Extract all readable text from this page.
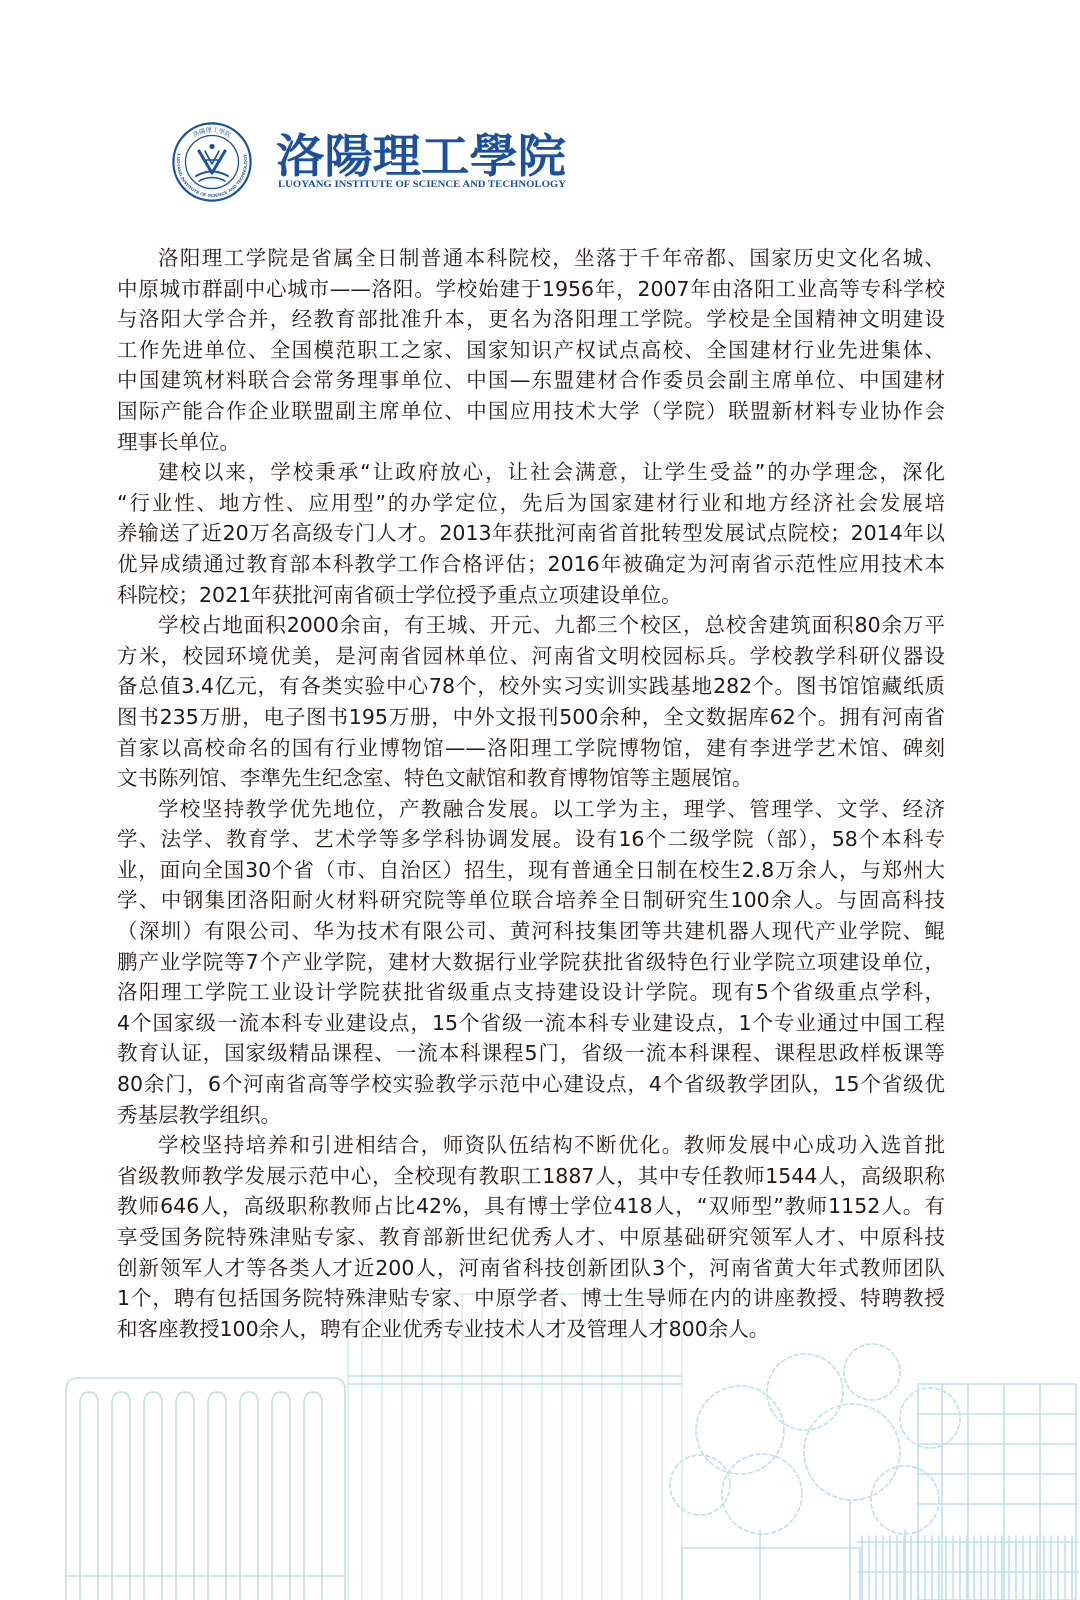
洛陽理工學院
LUOYANG INSTITUTE OF SCIENCE AND TECHNOLOGY 洛陽理工學院
LUOYANG INSTITUTE OF SCIENCE AND TECHNOLOGY
洛阳理工学院是省属全日制普通本科院校，坐落于千年帝都、国家历史文化名城、
中原城市群副中心城市——洛阳。学校始建于1956年，2007年由洛阳工业高等专科学校
与洛阳大学合并，经教育部批准升本，更名为洛阳理工学院。学校是全国精神文明建设
工作先进单位、全国模范职工之家、国家知识产权试点高校、全国建材行业先进集体、
中国建筑材料联合会常务理事单位、中国—东盟建材合作委员会副主席单位、中国建材
国际产能合作企业联盟副主席单位、中国应用技术大学（学院）联盟新材料专业协作会
理事长单位。
建校以来，学校秉承“让政府放心，让社会满意，让学生受益”的办学理念，深化
“行业性、地方性、应用型”的办学定位，先后为国家建材行业和地方经济社会发展培
养输送了近20万名高级专门人才。2013年获批河南省首批转型发展试点院校；2014年以
优异成绩通过教育部本科教学工作合格评估；2016年被确定为河南省示范性应用技术本
科院校；2021年获批河南省硕士学位授予重点立项建设单位。
学校占地面积2000余亩，有王城、开元、九都三个校区，总校舍建筑面积80余万平
方米，校园环境优美，是河南省园林单位、河南省文明校园标兵。学校教学科研仪器设
备总值3.4亿元，有各类实验中心78个，校外实习实训实践基地282个。图书馆馆藏纸质
图书235万册，电子图书195万册，中外文报刊500余种，全文数据库62个。拥有河南省
首家以高校命名的国有行业博物馆——洛阳理工学院博物馆，建有李进学艺术馆、碑刻
文书陈列馆、李準先生纪念室、特色文献馆和教育博物馆等主题展馆。
学校坚持教学优先地位，产教融合发展。以工学为主，理学、管理学、文学、经济
学、法学、教育学、艺术学等多学科协调发展。设有16个二级学院（部），58个本科专
业，面向全国30个省（市、自治区）招生，现有普通全日制在校生2.8万余人，与郑州大
学、中钢集团洛阳耐火材料研究院等单位联合培养全日制研究生100余人。与固高科技
（深圳）有限公司、华为技术有限公司、黄河科技集团等共建机器人现代产业学院、鲲
鹏产业学院等7个产业学院，建材大数据行业学院获批省级特色行业学院立项建设单位，
洛阳理工学院工业设计学院获批省级重点支持建设设计学院。现有5个省级重点学科，
4个国家级一流本科专业建设点，15个省级一流本科专业建设点，1个专业通过中国工程
教育认证，国家级精品课程、一流本科课程5门，省级一流本科课程、课程思政样板课等
80余门，6个河南省高等学校实验教学示范中心建设点，4个省级教学团队，15个省级优
秀基层教学组织。
学校坚持培养和引进相结合，师资队伍结构不断优化。教师发展中心成功入选首批
省级教师教学发展示范中心，全校现有教职工1887人，其中专任教师1544人，高级职称
教师646人，高级职称教师占比42%，具有博士学位418人，“双师型”教师1152人。有
享受国务院特殊津贴专家、教育部新世纪优秀人才、中原基础研究领军人才、中原科技
创新领军人才等各类人才近200人，河南省科技创新团队3个，河南省黄大年式教师团队
1个，聘有包括国务院特殊津贴专家、中原学者、博士生导师在内的讲座教授、特聘教授
和客座教授100余人，聘有企业优秀专业技术人才及管理人才800余人。
